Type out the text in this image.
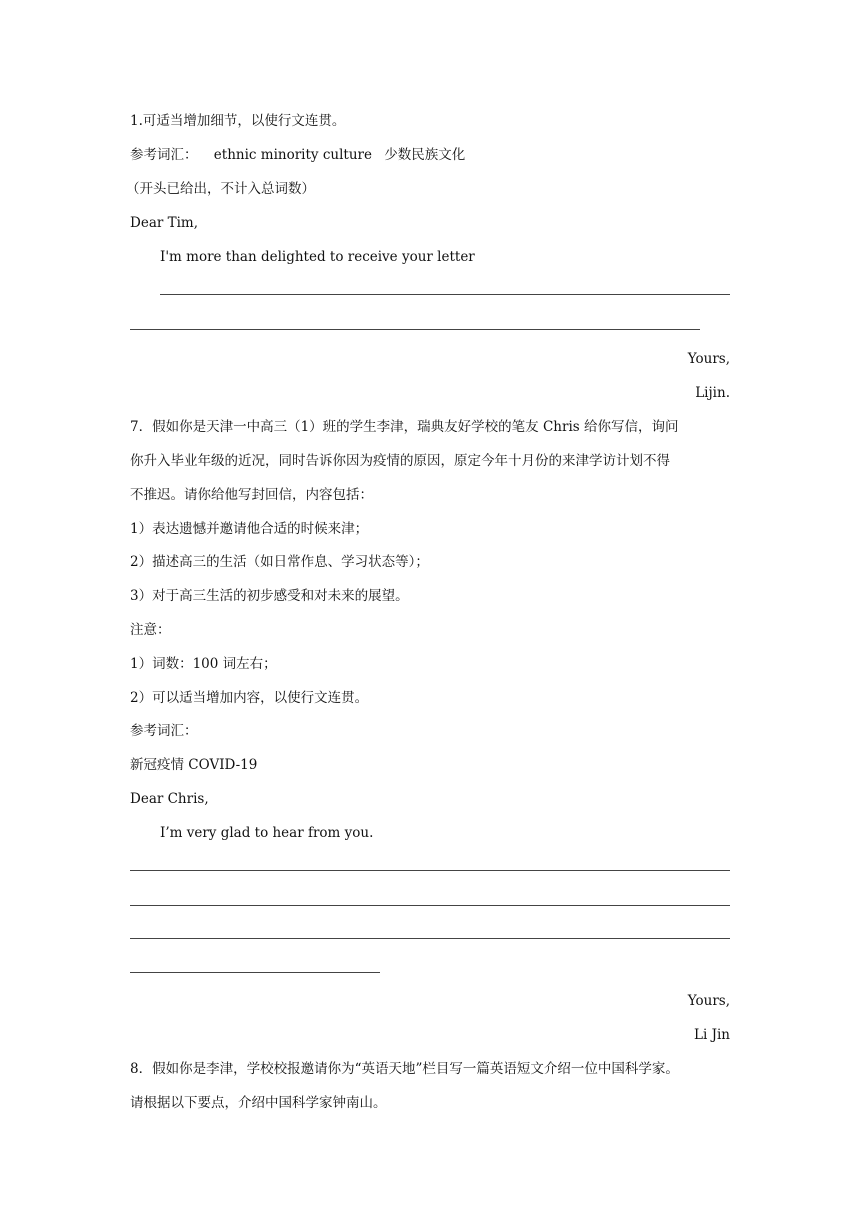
1.可适当增加细节，以使行文连贯。
参考词汇： ethnic minority culture 少数民族文化
（开头已给出，不计入总词数）
Dear Tim,
I'm more than delighted to receive your letter
Yours,
Lijin.
7．假如你是天津一中高三（1）班的学生李津，瑞典友好学校的笔友 Chris 给你写信，询问
你升入毕业年级的近况，同时告诉你因为疫情的原因，原定今年十月份的来津学访计划不得
不推迟。请你给他写封回信，内容包括：
1）表达遗憾并邀请他合适的时候来津；
2）描述高三的生活（如日常作息、学习状态等）；
3）对于高三生活的初步感受和对未来的展望。
注意：
1）词数：100 词左右；
2）可以适当增加内容，以使行文连贯。
参考词汇：
新冠疫情 COVID-19
Dear Chris,
I’m very glad to hear from you.
Yours,
Li Jin
8．假如你是李津，学校校报邀请你为“英语天地”栏目写一篇英语短文介绍一位中国科学家。
请根据以下要点，介绍中国科学家钟南山。
